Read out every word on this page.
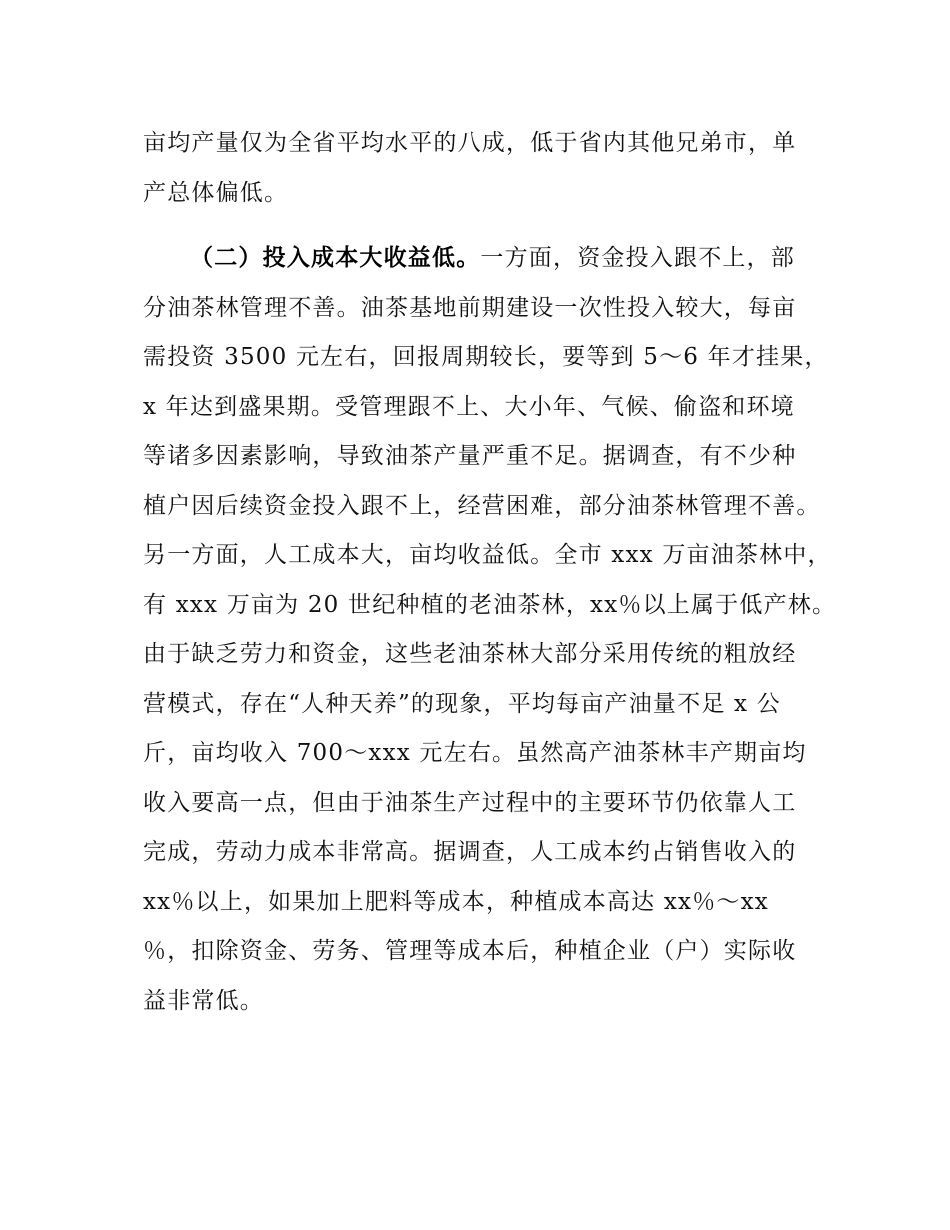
亩均产量仅为全省平均水平的八成，低于省内其他兄弟市，单
产总体偏低。
（二）投入成本大收益低。一方面，资金投入跟不上，部
分油茶林管理不善。油茶基地前期建设一次性投入较大，每亩
需投资 3500 元左右，回报周期较长，要等到 5～6 年才挂果，
x 年达到盛果期。受管理跟不上、大小年、气候、偷盗和环境
等诸多因素影响，导致油茶产量严重不足。据调查，有不少种
植户因后续资金投入跟不上，经营困难，部分油茶林管理不善。
另一方面，人工成本大，亩均收益低。全市 xxx 万亩油茶林中，
有 xxx 万亩为 20 世纪种植的老油茶林，xx％以上属于低产林。
由于缺乏劳力和资金，这些老油茶林大部分采用传统的粗放经
营模式，存在“人种天养”的现象，平均每亩产油量不足 x 公
斤，亩均收入 700～xxx 元左右。虽然高产油茶林丰产期亩均
收入要高一点，但由于油茶生产过程中的主要环节仍依靠人工
完成，劳动力成本非常高。据调查，人工成本约占销售收入的
xx％以上，如果加上肥料等成本，种植成本高达 xx％～xx
％，扣除资金、劳务、管理等成本后，种植企业（户）实际收
益非常低。
